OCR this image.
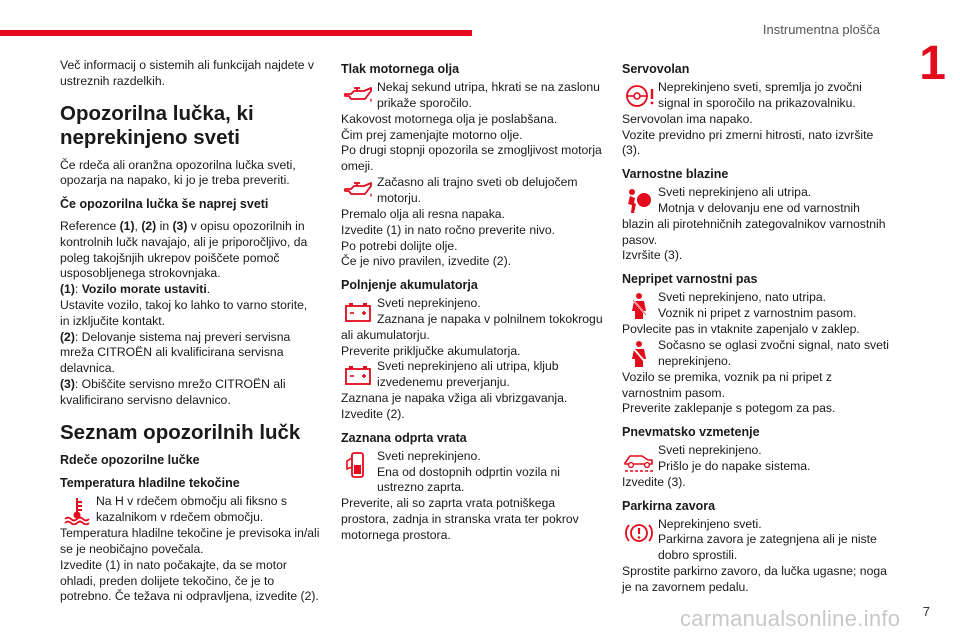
Instrumentna plošča
1

Več informacij o sistemih ali funkcijah najdete v ustreznih razdelkih.

Opozorilna lučka, ki neprekinjeno sveti

Če rdeča ali oranžna opozorilna lučka sveti, opozarja na napako, ki jo je treba preveriti.

Če opozorilna lučka še naprej sveti

Reference (1), (2) in (3) v opisu opozorilnih in kontrolnih lučk navajajo, ali je priporočljivo, da poleg takojšnjih ukrepov poiščete pomoč usposobljenega strokovnjaka.

(1): Vozilo morate ustaviti.

Ustavite vozilo, takoj ko lahko to varno storite, in izključite kontakt.

(2): Delovanje sistema naj preveri servisna mreža CITROËN ali kvalificirana servisna delavnica.

(3): Obiščite servisno mrežo CITROËN ali kvalificirano servisno delavnico.

Seznam opozorilnih lučk
Rdeče opozorilne lučke
Temperatura hladilne tekočine
Na H v rdečem območju ali fiksno s kazalnikom v rdečem območju.

Temperatura hladilne tekočine je previsoka in/ali se je neobičajno povečala.

Izvedite (1) in nato počakajte, da se motor ohladi, preden dolijete tekočino, če je to potrebno. Če težava ni odpravljena, izvedite (2).

Tlak motornega olja
Nekaj sekund utripa, hkrati se na zaslonu prikaže sporočilo.

Kakovost motornega olja je poslabšana.

Čim prej zamenjajte motorno olje.

Po drugi stopnji opozorila se zmogljivost motorja omeji.

Začasno ali trajno sveti ob delujočem motorju.

Premalo olja ali resna napaka.

Izvedite (1) in nato ročno preverite nivo.

Po potrebi dolijte olje.

Če je nivo pravilen, izvedite (2).

Polnjenje akumulatorja
Sveti neprekinjeno.

Zaznana je napaka v polnilnem tokokrogu ali akumulatorju.

Preverite priključke akumulatorja.

Sveti neprekinjeno ali utripa, kljub izvedenemu preverjanju.

Zaznana je napaka vžiga ali vbrizgavanja.

Izvedite (2).

Zaznana odprta vrata
Sveti neprekinjeno.
Ena od dostopnih odprtin vozila ni ustrezno zaprta.

Preverite, ali so zaprta vrata potniškega prostora, zadnja in stranska vrata ter pokrov motornega prostora.

Servovolan
Neprekinjeno sveti, spremlja jo zvočni signal in sporočilo na prikazovalniku.

Servovolan ima napako.

Vozite previdno pri zmerni hitrosti, nato izvršite (3).

Varnostne blazine
Sveti neprekinjeno ali utripa.

Motnja v delovanju ene od varnostnih blazin ali pirotehničnih zategovalnikov varnostnih pasov.

Izvršite (3).

Nepripet varnostni pas
Sveti neprekinjeno, nato utripa.
Voznik ni pripet z varnostnim pasom.

Povlecite pas in vtaknite zapenjalo v zaklep.

Sočasno se oglasi zvočni signal, nato sveti neprekinjeno.

Vozilo se premika, voznik pa ni pripet z varnostnim pasom.

Preverite zaklepanje s potegom za pas.

Pnevmatsko vzmetenje
Sveti neprekinjeno.
Prišlo je do napake sistema.

Izvedite (3).

Parkirna zavora
Neprekinjeno sveti.
Parkirna zavora je zategnjena ali je niste dobro sprostili.

Sprostite parkirno zavoro, da lučka ugasne; noga je na zavornem pedalu.

carmanualsonline.info 7
